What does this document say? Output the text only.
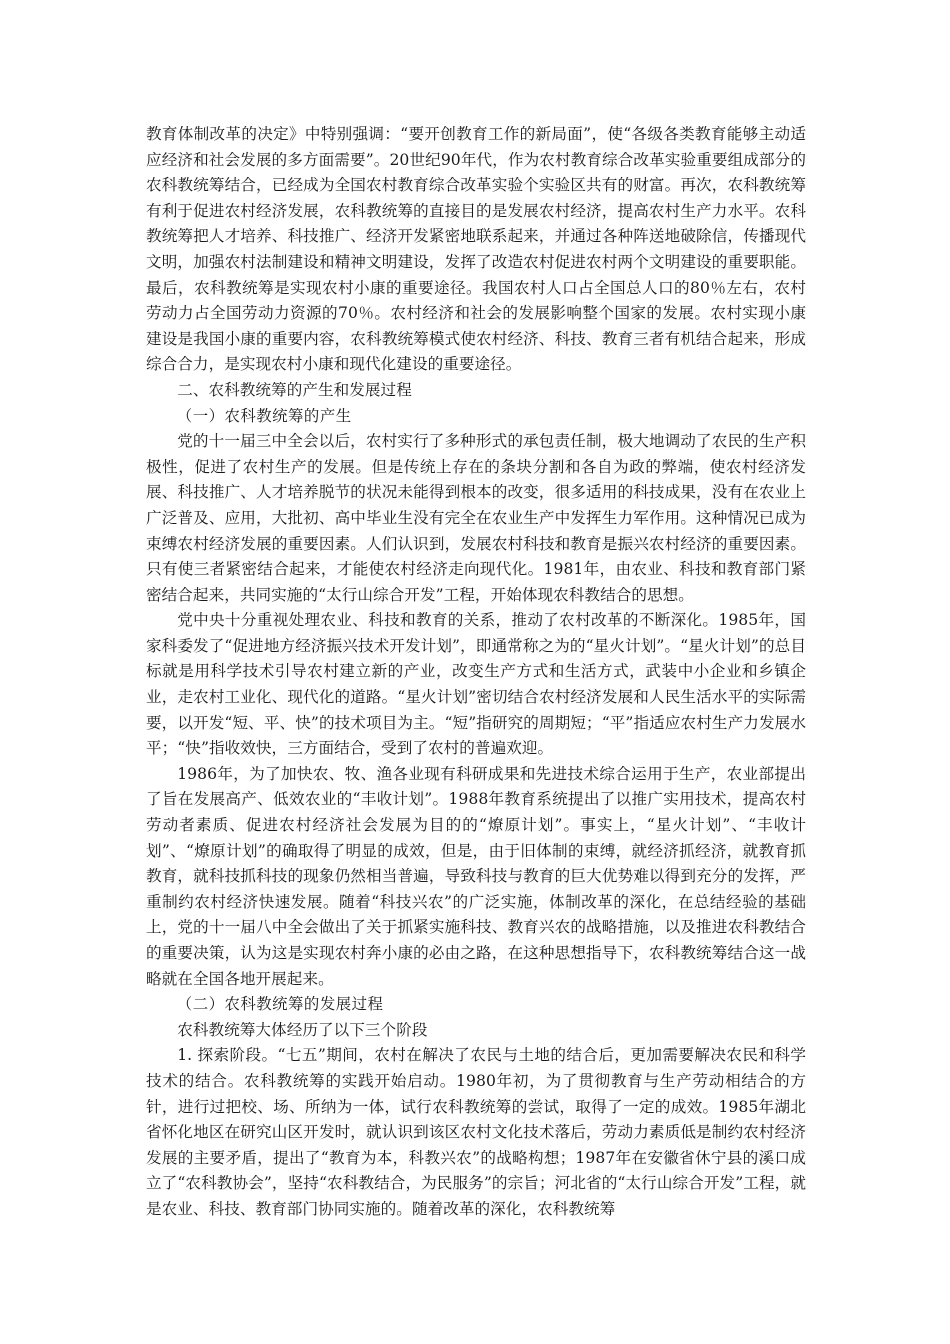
教育体制改革的决定》中特别强调：“要开创教育工作的新局面”，使“各级各类教育能够主动适应经济和社会发展的多方面需要”。20世纪90年代，作为农村教育综合改革实验重要组成部分的农科教统筹结合，已经成为全国农村教育综合改革实验个实验区共有的财富。再次，农科教统筹有利于促进农村经济发展，农科教统筹的直接目的是发展农村经济，提高农村生产力水平。农科教统筹把人才培养、科技推广、经济开发紧密地联系起来，并通过各种阵送地破除信，传播现代文明，加强农村法制建设和精神文明建设，发挥了改造农村促进农村两个文明建设的重要职能。最后，农科教统筹是实现农村小康的重要途径。我国农村人口占全国总人口的80％左右，农村劳动力占全国劳动力资源的70％。农村经济和社会的发展影响整个国家的发展。农村实现小康建设是我国小康的重要内容，农科教统筹模式使农村经济、科技、教育三者有机结合起来，形成综合合力，是实现农村小康和现代化建设的重要途径。

二、农科教统筹的产生和发展过程
（一）农科教统筹的产生

党的十一届三中全会以后，农村实行了多种形式的承包责任制，极大地调动了农民的生产积极性，促进了农村生产的发展。但是传统上存在的条块分割和各自为政的弊端，使农村经济发展、科技推广、人才培养脱节的状况未能得到根本的改变，很多适用的科技成果，没有在农业上广泛普及、应用，大批初、高中毕业生没有完全在农业生产中发挥生力军作用。这种情况已成为束缚农村经济发展的重要因素。人们认识到，发展农村科技和教育是振兴农村经济的重要因素。只有使三者紧密结合起来，才能使农村经济走向现代化。1981年，由农业、科技和教育部门紧密结合起来，共同实施的“太行山综合开发”工程，开始体现农科教结合的思想。

党中央十分重视处理农业、科技和教育的关系，推动了农村改革的不断深化。1985年，国家科委发了“促进地方经济振兴技术开发计划”，即通常称之为的“星火计划”。“星火计划”的总目标就是用科学技术引导农村建立新的产业，改变生产方式和生活方式，武装中小企业和乡镇企业，走农村工业化、现代化的道路。“星火计划”密切结合农村经济发展和人民生活水平的实际需要，以开发“短、平、快”的技术项目为主。“短”指研究的周期短；“平”指适应农村生产力发展水平；“快”指收效快，三方面结合，受到了农村的普遍欢迎。

1986年，为了加快农、牧、渔各业现有科研成果和先进技术综合运用于生产，农业部提出了旨在发展高产、低效农业的“丰收计划”。1988年教育系统提出了以推广实用技术，提高农村劳动者素质、促进农村经济社会发展为目的的“燎原计划”。事实上，“星火计划”、“丰收计划”、“燎原计划”的确取得了明显的成效，但是，由于旧体制的束缚，就经济抓经济，就教育抓教育，就科技抓科技的现象仍然相当普遍，导致科技与教育的巨大优势难以得到充分的发挥，严重制约农村经济快速发展。随着“科技兴农”的广泛实施，体制改革的深化，在总结经验的基础上，党的十一届八中全会做出了关于抓紧实施科技、教育兴农的战略措施，以及推进农科教结合的重要决策，认为这是实现农村奔小康的必由之路，在这种思想指导下，农科教统筹结合这一战略就在全国各地开展起来。

（二）农科教统筹的发展过程

农科教统筹大体经历了以下三个阶段

1. 探索阶段。“七五”期间，农村在解决了农民与土地的结合后，更加需要解决农民和科学技术的结合。农科教统筹的实践开始启动。1980年初，为了贯彻教育与生产劳动相结合的方针，进行过把校、场、所纳为一体，试行农科教统筹的尝试，取得了一定的成效。1985年湖北省怀化地区在研究山区开发时，就认识到该区农村文化技术落后，劳动力素质低是制约农村经济发展的主要矛盾，提出了“教育为本，科教兴农”的战略构想；1987年在安徽省休宁县的溪口成立了“农科教协会”，坚持“农科教结合，为民服务”的宗旨；河北省的“太行山综合开发”工程，就是农业、科技、教育部门协同实施的。随着改革的深化，农科教统筹
